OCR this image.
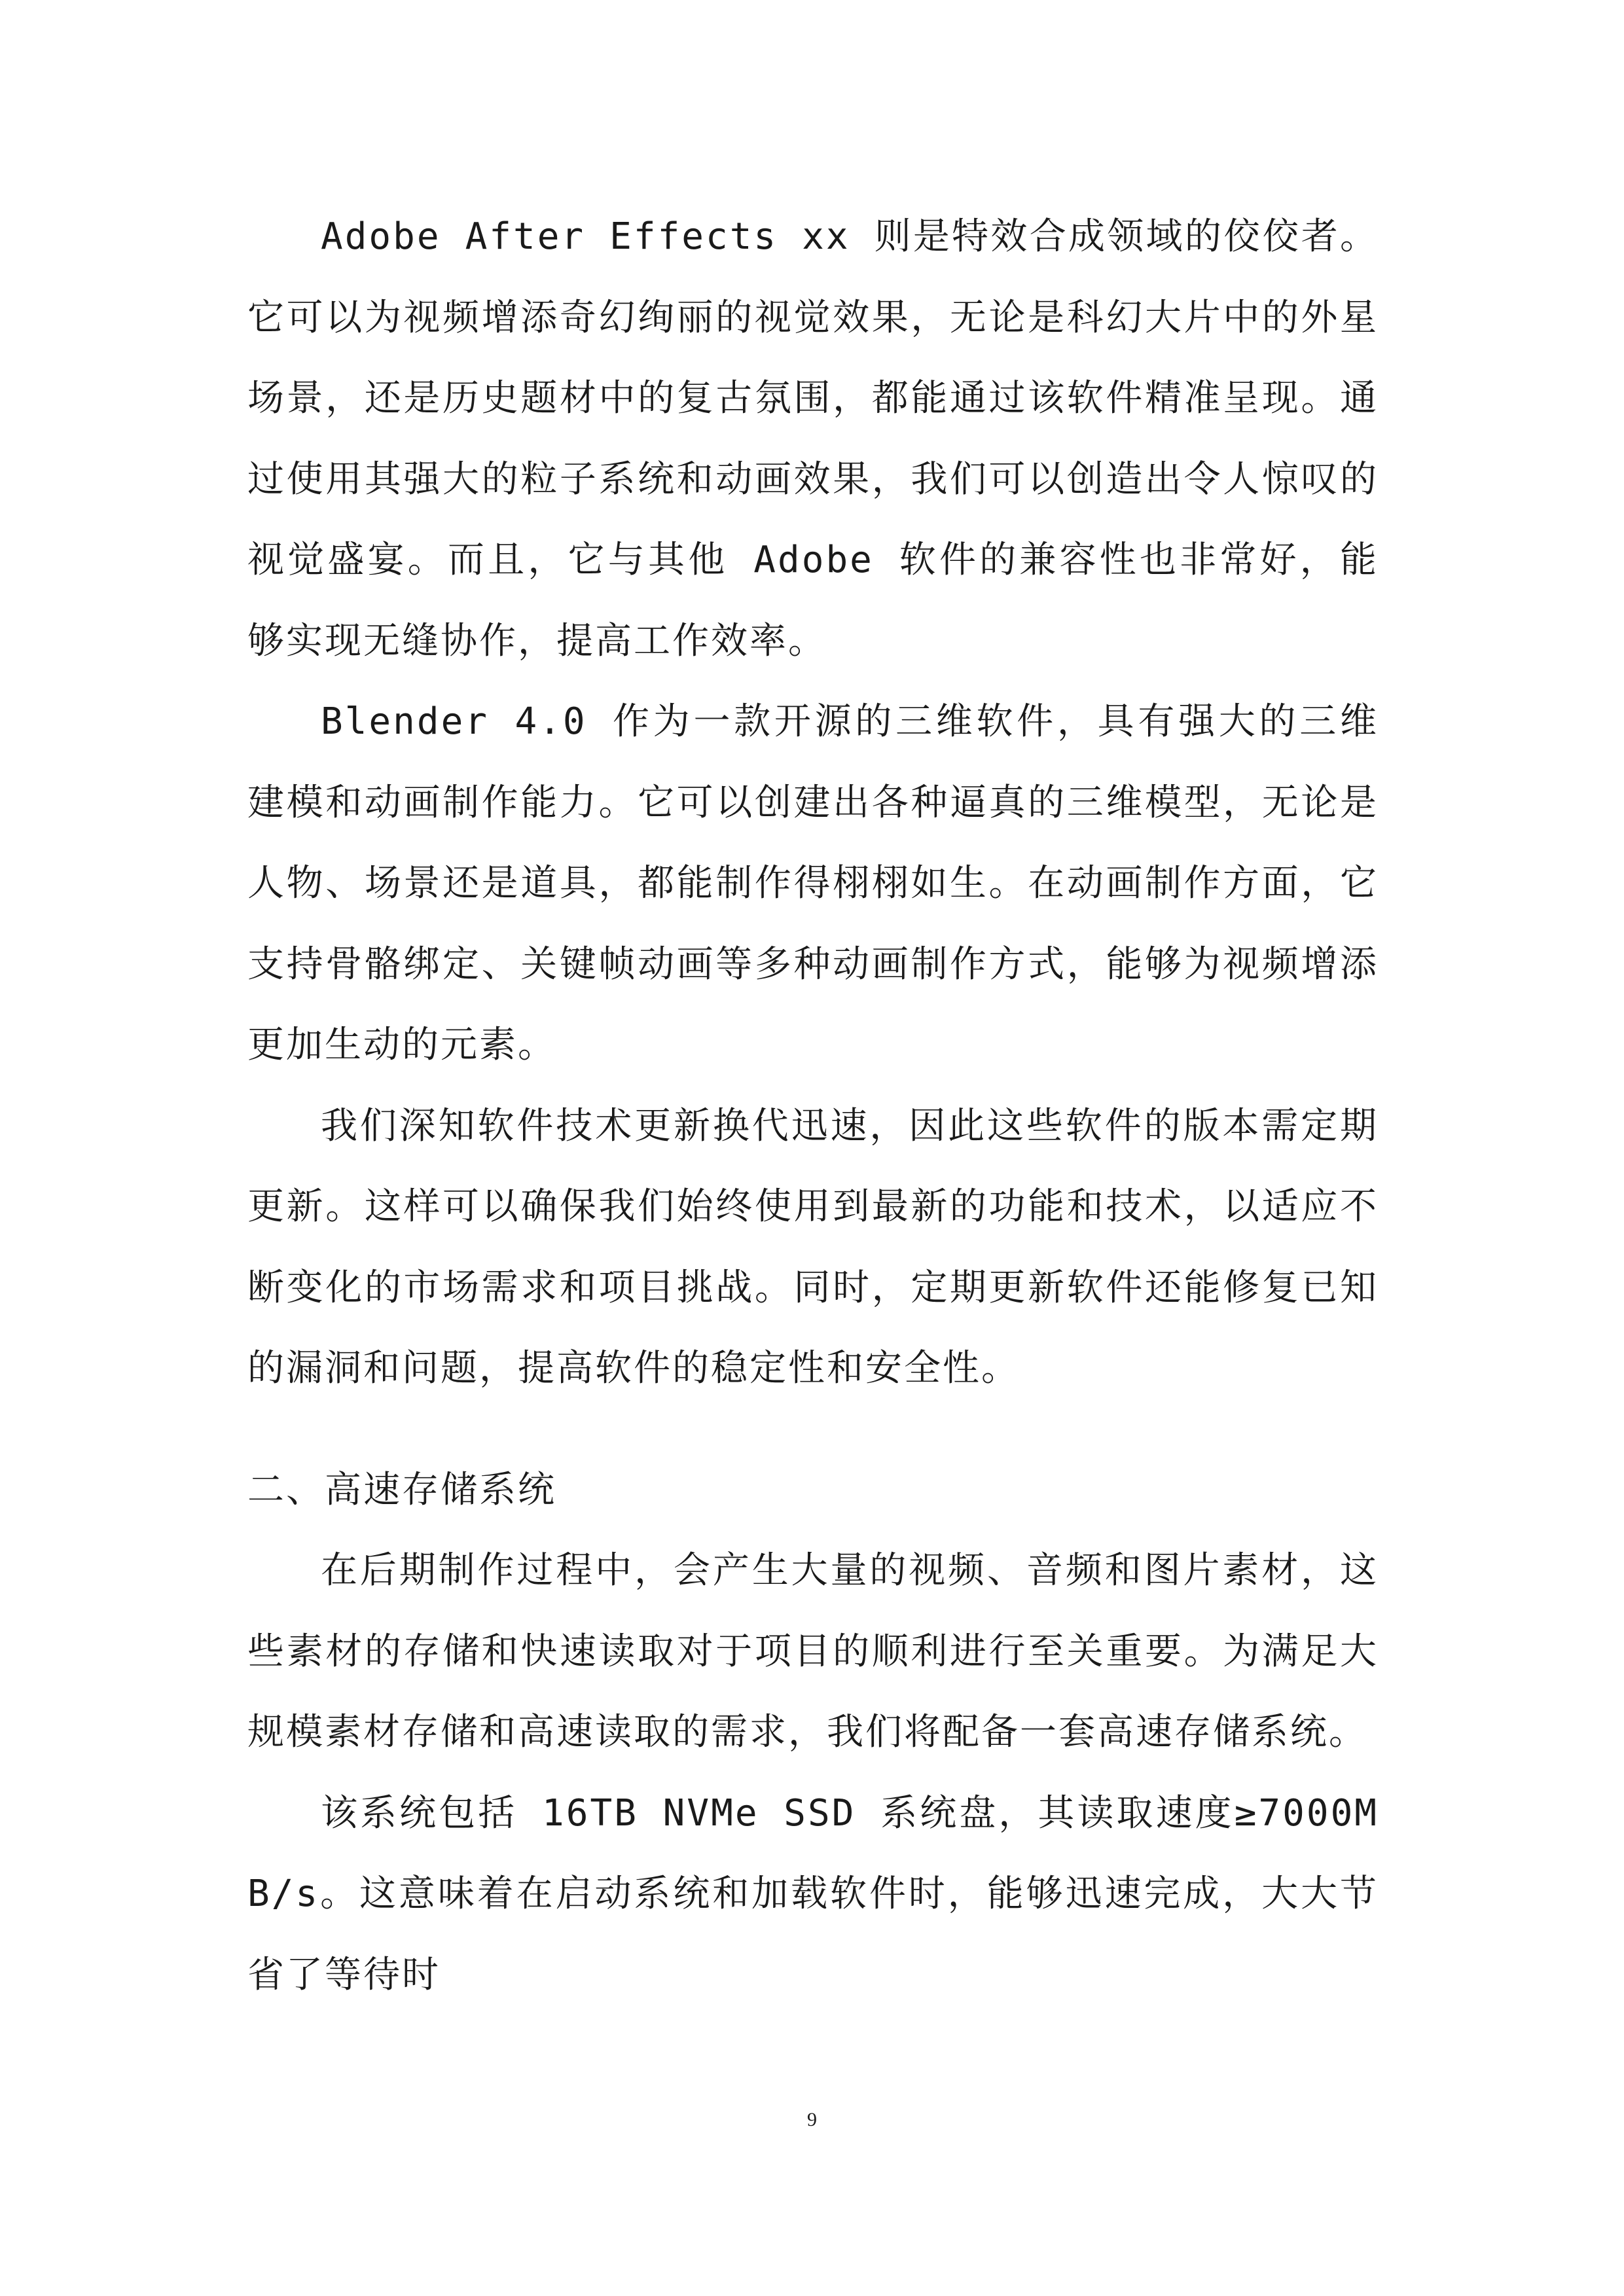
Adobe After Effects xx 则是特效合成领域的佼佼者。它可以为视频增添奇幻绚丽的视觉效果，无论是科幻大片中的外星场景，还是历史题材中的复古氛围，都能通过该软件精准呈现。通过使用其强大的粒子系统和动画效果，我们可以创造出令人惊叹的视觉盛宴。而且，它与其他 Adobe 软件的兼容性也非常好，能够实现无缝协作，提高工作效率。

Blender 4.0 作为一款开源的三维软件，具有强大的三维建模和动画制作能力。它可以创建出各种逼真的三维模型，无论是人物、场景还是道具，都能制作得栩栩如生。在动画制作方面，它支持骨骼绑定、关键帧动画等多种动画制作方式，能够为视频增添更加生动的元素。

我们深知软件技术更新换代迅速，因此这些软件的版本需定期更新。这样可以确保我们始终使用到最新的功能和技术，以适应不断变化的市场需求和项目挑战。同时，定期更新软件还能修复已知的漏洞和问题，提高软件的稳定性和安全性。

二、高速存储系统

在后期制作过程中，会产生大量的视频、音频和图片素材，这些素材的存储和快速读取对于项目的顺利进行至关重要。为满足大规模素材存储和高速读取的需求，我们将配备一套高速存储系统。

该系统包括 16TB NVMe SSD 系统盘，其读取速度≥7000MB/s。这意味着在启动系统和加载软件时，能够迅速完成，大大节省了等待时

9
